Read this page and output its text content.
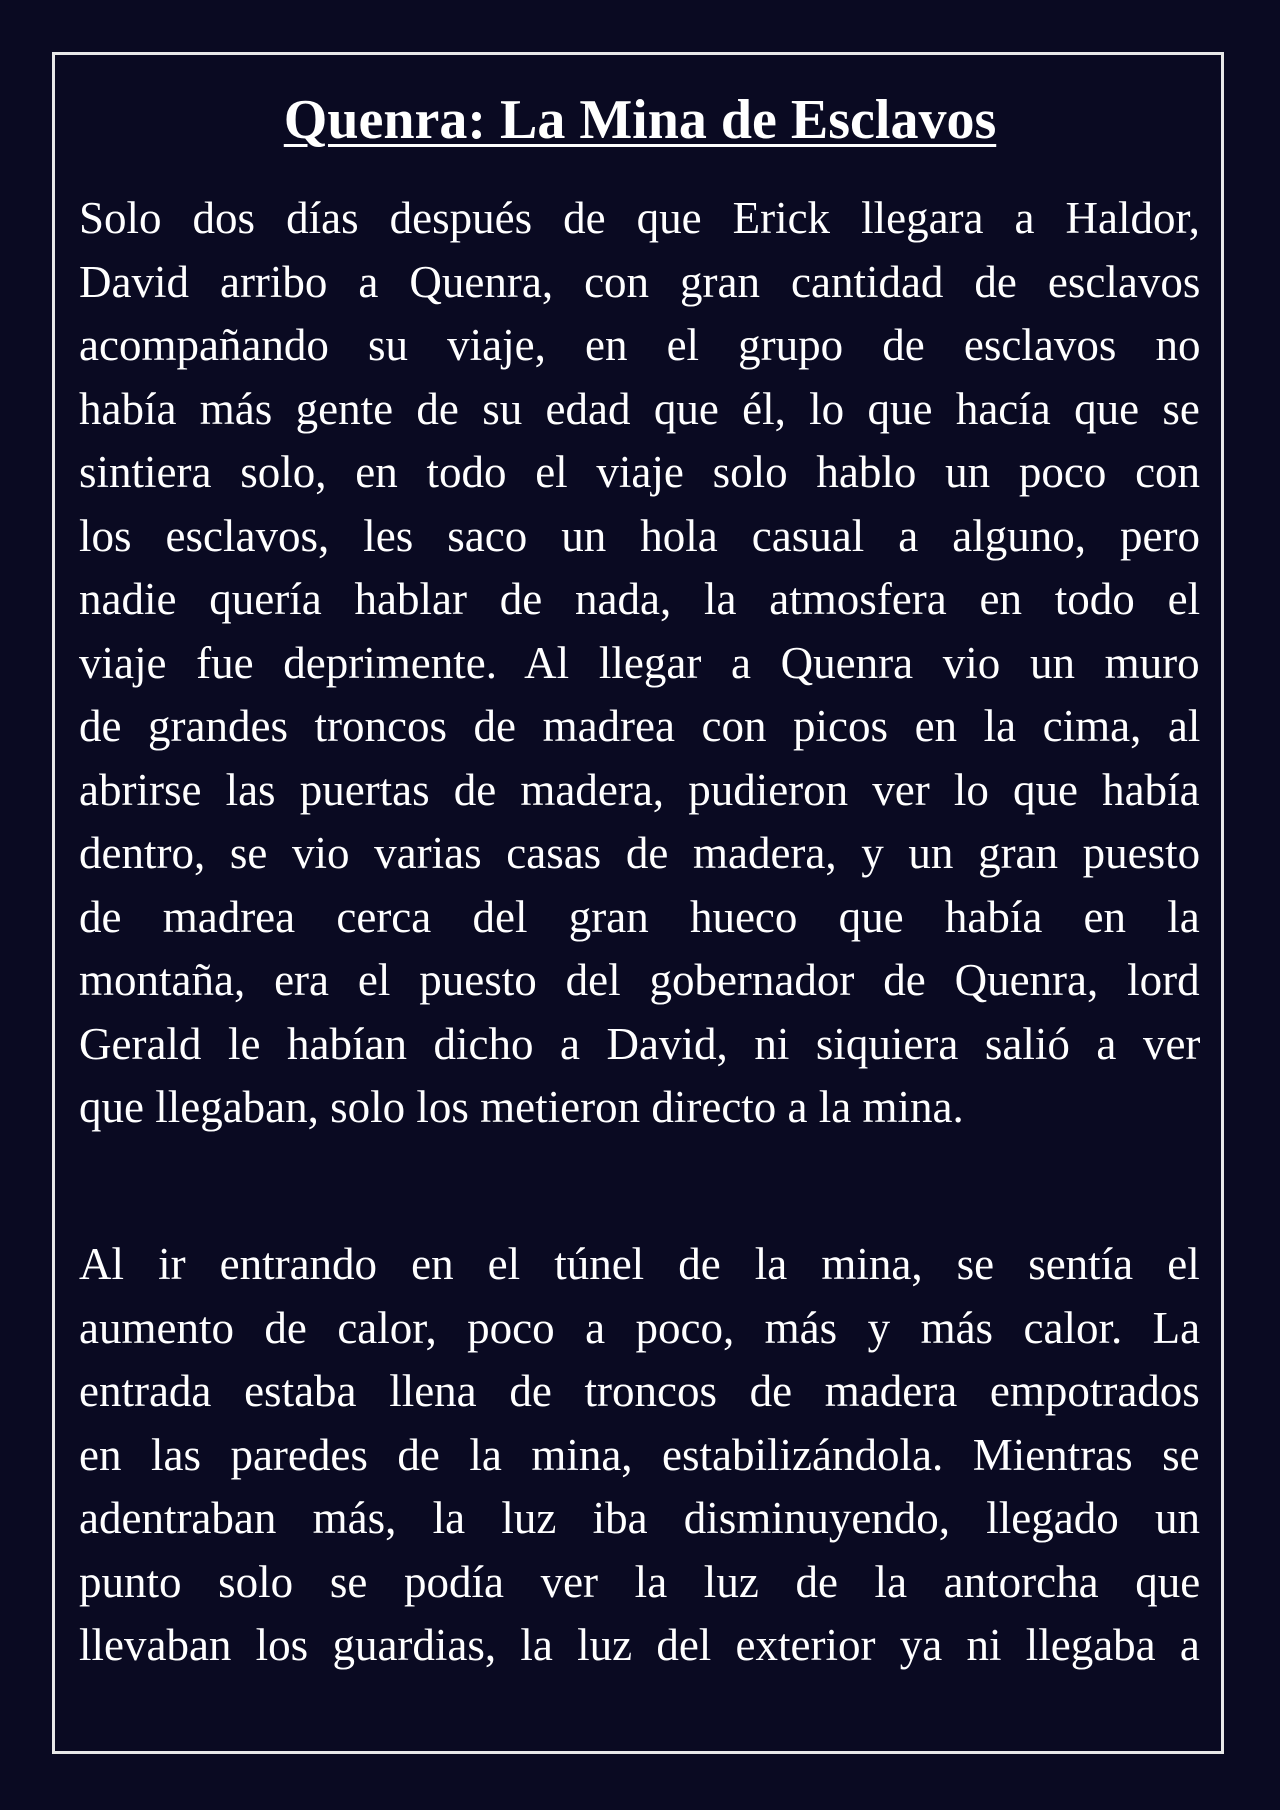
Quenra: La Mina de Esclavos
Solo dos días después de que Erick llegara a Haldor,
David arribo a Quenra, con gran cantidad de esclavos
acompañando su viaje, en el grupo de esclavos no
había más gente de su edad que él, lo que hacía que se
sintiera solo, en todo el viaje solo hablo un poco con
los esclavos, les saco un hola casual a alguno, pero
nadie quería hablar de nada, la atmosfera en todo el
viaje fue deprimente. Al llegar a Quenra vio un muro
de grandes troncos de madrea con picos en la cima, al
abrirse las puertas de madera, pudieron ver lo que había
dentro, se vio varias casas de madera, y un gran puesto
de madrea cerca del gran hueco que había en la
montaña, era el puesto del gobernador de Quenra, lord
Gerald le habían dicho a David, ni siquiera salió a ver
que llegaban, solo los metieron directo a la mina.
Al ir entrando en el túnel de la mina, se sentía el
aumento de calor, poco a poco, más y más calor. La
entrada estaba llena de troncos de madera empotrados
en las paredes de la mina, estabilizándola. Mientras se
adentraban más, la luz iba disminuyendo, llegado un
punto solo se podía ver la luz de la antorcha que
llevaban los guardias, la luz del exterior ya ni llegaba a
